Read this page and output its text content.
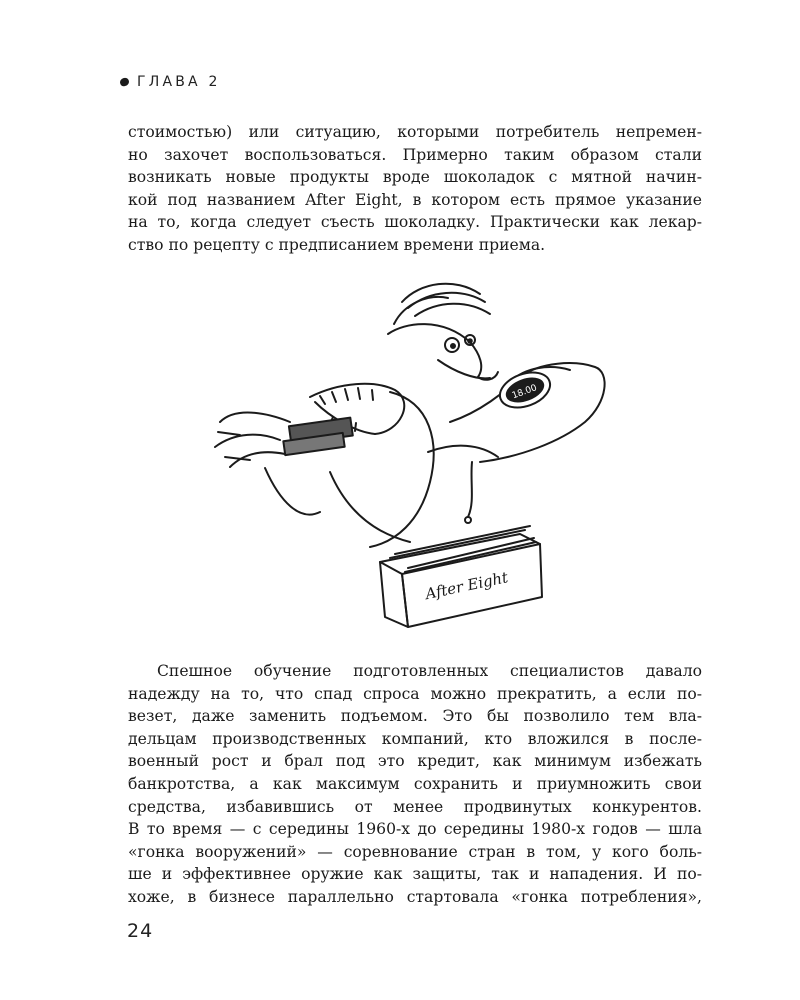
ГЛАВА 2

стоимостью) или ситуацию, которыми потребитель непремен-
но захочет воспользоваться. Примерно таким образом стали
возникать новые продукты вроде шоколадок с мятной начин-
кой под названием After Eight, в котором есть прямое указание
на то, когда следует съесть шоколадку. Практически как лекар-
ство по рецепту с предписанием времени приема.

After Eight
18.00

Спешное обучение подготовленных специалистов давало
надежду на то, что спад спроса можно прекратить, а если по-
везет, даже заменить подъемом. Это бы позволило тем вла-
дельцам производственных компаний, кто вложился в после-
военный рост и брал под это кредит, как минимум избежать
банкротства, а как максимум сохранить и приумножить свои
средства, избавившись от менее продвинутых конкурентов.
В то время — с середины 1960-х до середины 1980-х годов — шла
«гонка вооружений» — соревнование стран в том, у кого боль-
ше и эффективнее оружие как защиты, так и нападения. И по-
хоже, в бизнесе параллельно стартовала «гонка потребления»,

24
